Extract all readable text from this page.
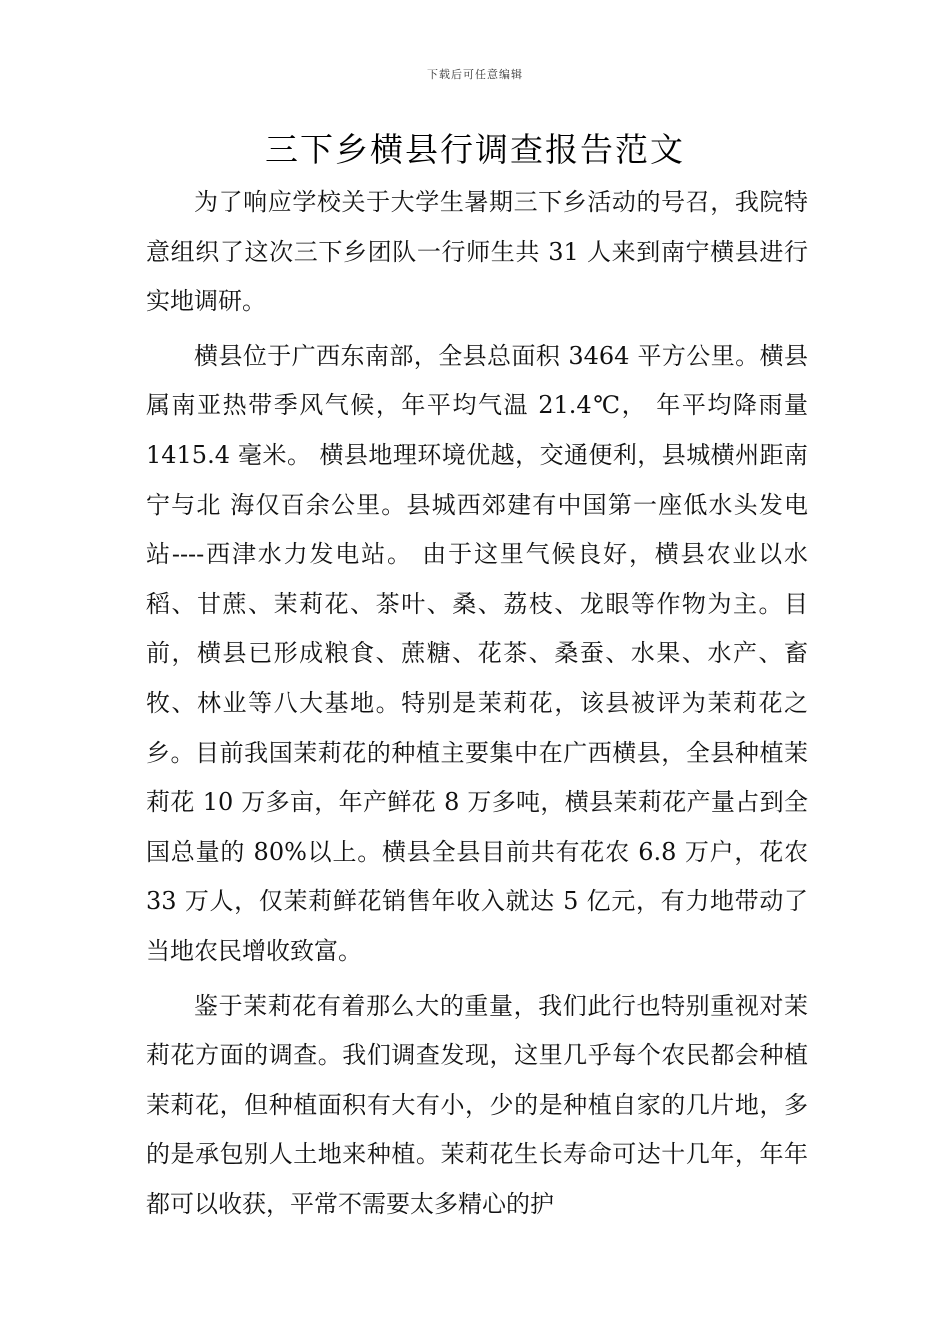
下载后可任意编辑
三下乡横县行调查报告范文

为了响应学校关于大学生暑期三下乡活动的号召，我院特意组织了这次三下乡团队一行师生共 31 人来到南宁横县进行实地调研。

横县位于广西东南部，全县总面积 3464 平方公里。横县属南亚热带季风气候，年平均气温 21.4℃， 年平均降雨量 1415.4 毫米。 横县地理环境优越，交通便利，县城横州距南宁与北 海仅百余公里。县城西郊建有中国第一座低水头发电站----西津水力发电站。 由于这里气候良好，横县农业以水稻、甘蔗、茉莉花、茶叶、桑、荔枝、龙眼等作物为主。目前，横县已形成粮食、蔗糖、花茶、桑蚕、水果、水产、畜牧、林业等八大基地。特别是茉莉花，该县被评为茉莉花之乡。目前我国茉莉花的种植主要集中在广西横县，全县种植茉莉花 10 万多亩，年产鲜花 8 万多吨，横县茉莉花产量占到全国总量的 80%以上。横县全县目前共有花农 6.8 万户，花农 33 万人，仅茉莉鲜花销售年收入就达 5 亿元，有力地带动了当地农民增收致富。

鉴于茉莉花有着那么大的重量，我们此行也特别重视对茉莉花方面的调查。我们调查发现，这里几乎每个农民都会种植茉莉花，但种植面积有大有小，少的是种植自家的几片地，多的是承包别人土地来种植。茉莉花生长寿命可达十几年，年年都可以收获，平常不需要太多精心的护
